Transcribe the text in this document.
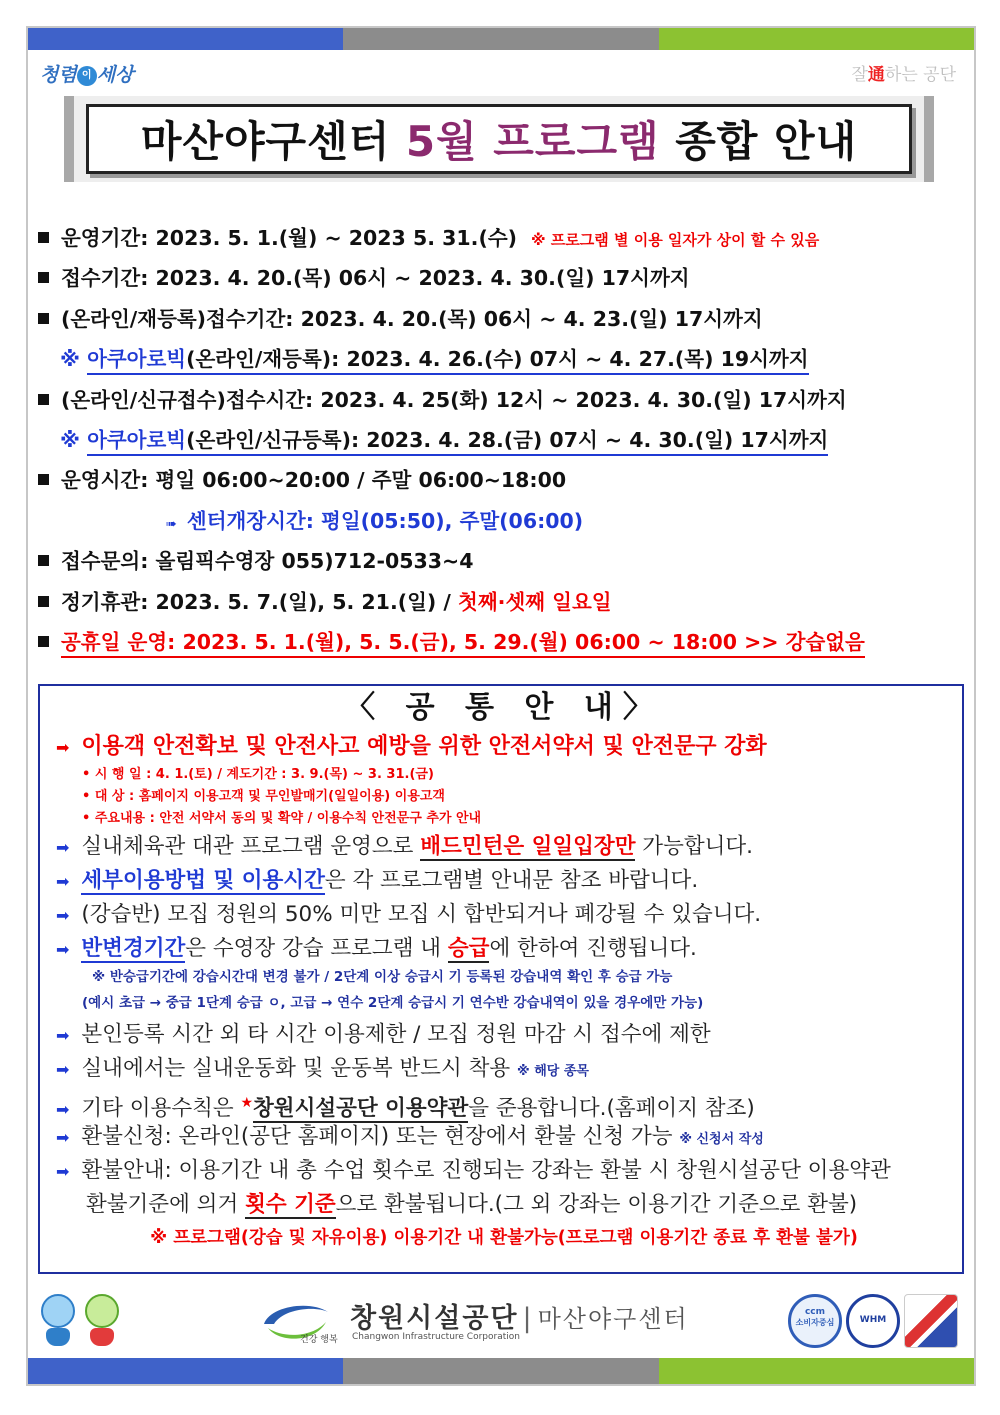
청렴 이 세상	잘通하는 공단
마산야구센터 5월 프로그램 종합 안내
운영기간: 2023. 5. 1.(월) ~ 2023 5. 31.(수) ※ 프로그램 별 이용 일자가 상이 할 수 있음
접수기간: 2023. 4. 20.(목) 06시 ~ 2023. 4. 30.(일) 17시까지
(온라인/재등록)접수기간: 2023. 4. 20.(목) 06시 ~ 4. 23.(일) 17시까지
※ 아쿠아로빅(온라인/재등록): 2023. 4. 26.(수) 07시 ~ 4. 27.(목) 19시까지
(온라인/신규접수)접수시간: 2023. 4. 25(화) 12시 ~ 2023. 4. 30.(일) 17시까지
※ 아쿠아로빅(온라인/신규등록): 2023. 4. 28.(금) 07시 ~ 4. 30.(일) 17시까지
운영시간: 평일 06:00~20:00 / 주말 06:00~18:00
➠ 센터개장시간: 평일(05:50), 주말(06:00)
접수문의: 올림픽수영장 055)712-0533~4
정기휴관: 2023. 5. 7.(일), 5. 21.(일) / 첫째·셋째 일요일
공휴일 운영: 2023. 5. 1.(월), 5. 5.(금), 5. 29.(월) 06:00 ~ 18:00 >> 강습없음
〈 공 통 안 내〉
➡ 이용객 안전확보 및 안전사고 예방을 위한 안전서약서 및 안전문구 강화
• 시 행 일 : 4. 1.(토) / 계도기간 : 3. 9.(목) ~ 3. 31.(금)
• 대 상 : 홈페이지 이용고객 및 무인발매기(일일이용) 이용고객
• 주요내용 : 안전 서약서 동의 및 확약 / 이용수칙 안전문구 추가 안내
➡ 실내체육관 대관 프로그램 운영으로 배드민턴은 일일입장만 가능합니다.
➡ 세부이용방법 및 이용시간은 각 프로그램별 안내문 참조 바랍니다.
➡ (강습반) 모집 정원의 50% 미만 모집 시 합반되거나 폐강될 수 있습니다.
➡ 반변경기간은 수영장 강습 프로그램 내 승급에 한하여 진행됩니다.
※ 반승급기간에 강습시간대 변경 불가 / 2단계 이상 승급시 기 등록된 강습내역 확인 후 승급 가능
(예시 초급 → 중급 1단계 승급 ㅇ, 고급 → 연수 2단계 승급시 기 연수반 강습내역이 있을 경우에만 가능)
➡ 본인등록 시간 외 타 시간 이용제한 / 모집 정원 마감 시 접수에 제한
➡ 실내에서는 실내운동화 및 운동복 반드시 착용 ※ 해당 종목
➡ 기타 이용수칙은 ★창원시설공단 이용약관을 준용합니다.(홈페이지 참조)
➡ 환불신청: 온라인(공단 홈페이지) 또는 현장에서 환불 신청 가능 ※ 신청서 작성
➡ 환불안내: 이용기간 내 총 수업 횟수로 진행되는 강좌는 환불 시 창원시설공단 이용약관
환불기준에 의거 횟수 기준으로 환불됩니다.(그 외 강좌는 이용기간 기준으로 환불)
※ 프로그램(강습 및 자유이용) 이용기간 내 환불가능(프로그램 이용기간 종료 후 환불 불가)
건강 행복
창원시설공단 | 마산야구센터
Changwon Infrastructure Corporation
ccm
소비자중심	WHM
